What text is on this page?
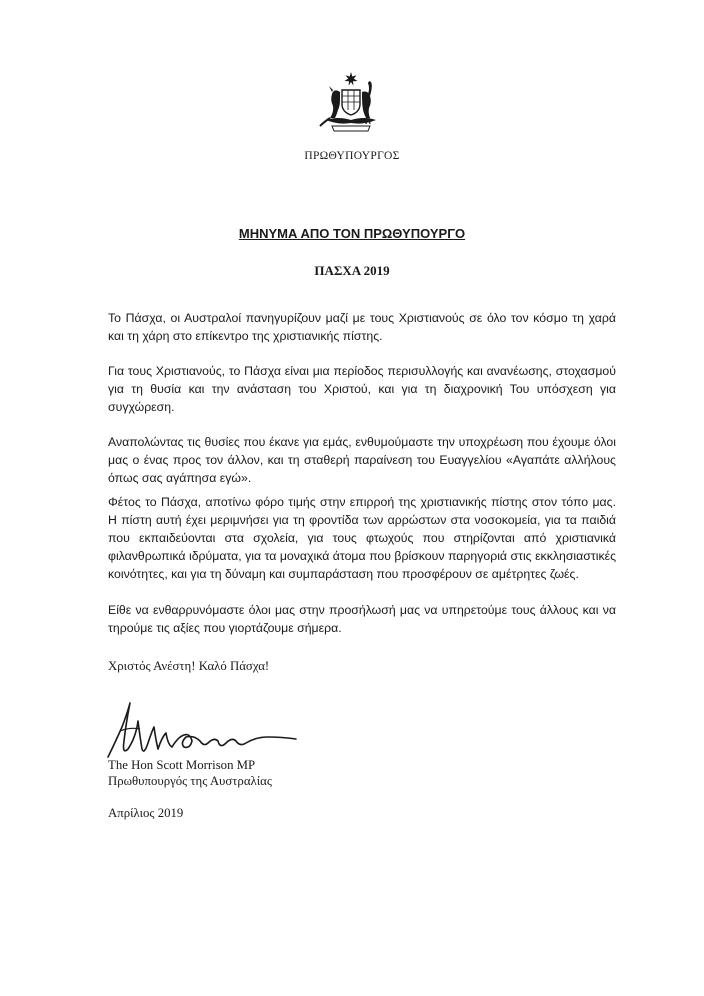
ΠΡΩΘΥΠΟΥΡΓΟΣ
ΜΗΝΥΜΑ ΑΠΟ ΤΟΝ ΠΡΩΘΥΠΟΥΡΓΟ
ΠΑΣΧΑ 2019

Το Πάσχα, οι Αυστραλοί πανηγυρίζουν μαζί με τους Χριστιανούς σε όλο τον κόσμο τη χαρά και τη χάρη στο επίκεντρο της χριστιανικής πίστης.

Για τους Χριστιανούς, το Πάσχα είναι μια περίοδος περισυλλογής και ανανέωσης, στοχασμού για τη θυσία και την ανάσταση του Χριστού, και για τη διαχρονική Του υπόσχεση για συγχώρεση.

Αναπολώντας τις θυσίες που έκανε για εμάς, ενθυμούμαστε την υποχρέωση που έχουμε όλοι μας ο ένας προς τον άλλον, και τη σταθερή παραίνεση του Ευαγγελίου «Αγαπάτε αλλήλους όπως σας αγάπησα εγώ».

Φέτος το Πάσχα, αποτίνω φόρο τιμής στην επιρροή της χριστιανικής πίστης στον τόπο μας. Η πίστη αυτή έχει μεριμνήσει για τη φροντίδα των αρρώστων στα νοσοκομεία, για τα παιδιά που εκπαιδεύονται στα σχολεία, για τους φτωχούς που στηρίζονται από χριστιανικά φιλανθρωπικά ιδρύματα, για τα μοναχικά άτομα που βρίσκουν παρηγοριά στις εκκλησιαστικές κοινότητες, και για τη δύναμη και συμπαράσταση που προσφέρουν σε αμέτρητες ζωές.

Είθε να ενθαρρυνόμαστε όλοι μας στην προσήλωσή μας να υπηρετούμε τους άλλους και να τηρούμε τις αξίες που γιορτάζουμε σήμερα.

Χριστός Ανέστη! Καλό Πάσχα!
The Hon Scott Morrison MP
Πρωθυπουργός της Αυστραλίας
Απρίλιος 2019
